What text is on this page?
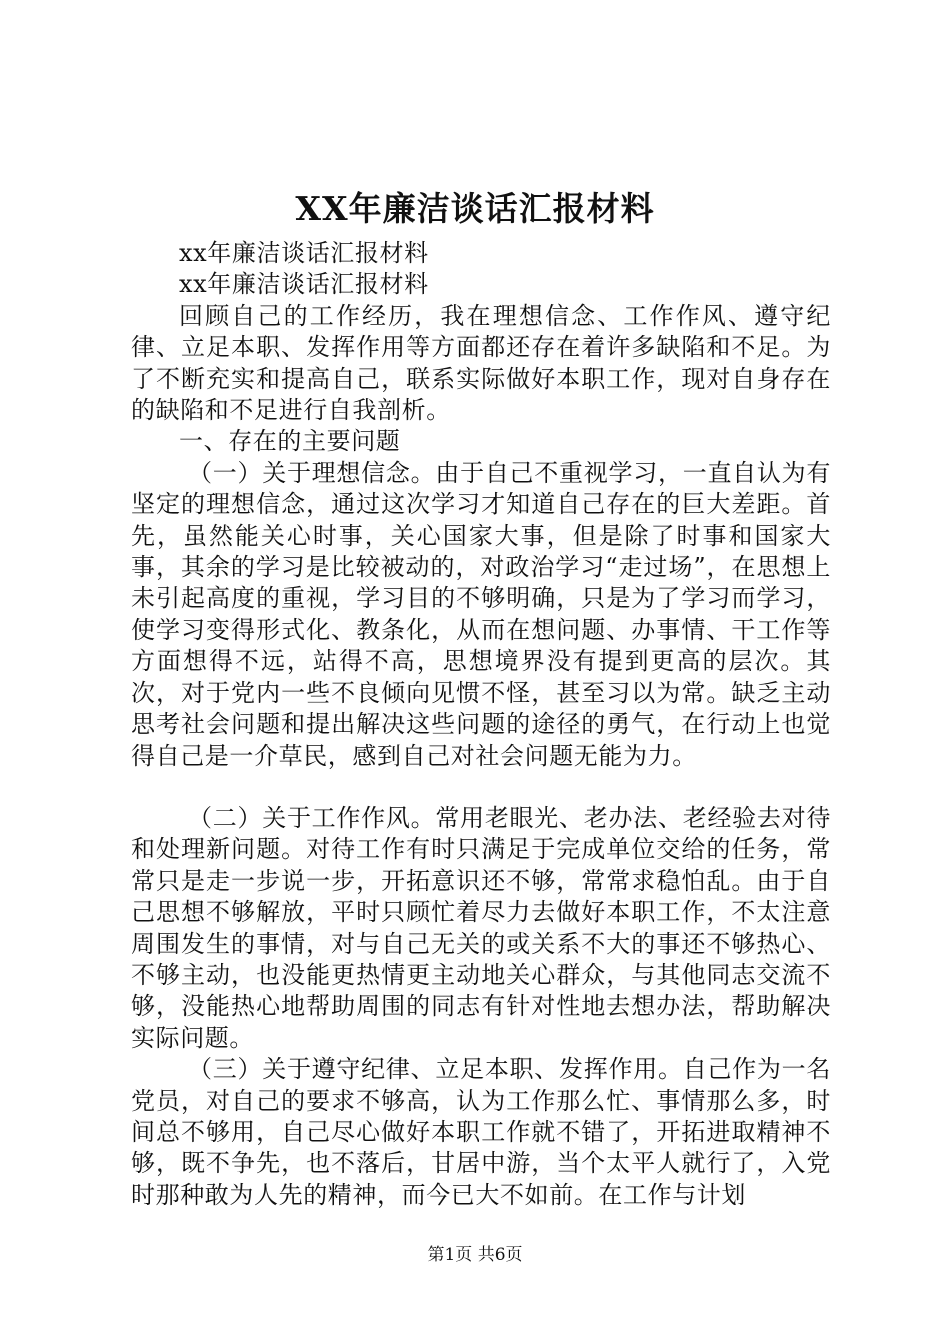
XX年廉洁谈话汇报材料

xx年廉洁谈话汇报材料

xx年廉洁谈话汇报材料

回顾自己的工作经历，我在理想信念、工作作风、遵守纪律、立足本职、发挥作用等方面都还存在着许多缺陷和不足。为了不断充实和提高自己，联系实际做好本职工作，现对自身存在的缺陷和不足进行自我剖析。

一、存在的主要问题

（一）关于理想信念。由于自己不重视学习，一直自认为有坚定的理想信念，通过这次学习才知道自己存在的巨大差距。首先，虽然能关心时事，关心国家大事，但是除了时事和国家大事，其余的学习是比较被动的，对政治学习“走过场”，在思想上未引起高度的重视，学习目的不够明确，只是为了学习而学习，使学习变得形式化、教条化，从而在想问题、办事情、干工作等方面想得不远，站得不高，思想境界没有提到更高的层次。其次，对于党内一些不良倾向见惯不怪，甚至习以为常。缺乏主动思考社会问题和提出解决这些问题的途径的勇气，在行动上也觉得自己是一介草民，感到自己对社会问题无能为力。

（二）关于工作作风。常用老眼光、老办法、老经验去对待和处理新问题。对待工作有时只满足于完成单位交给的任务，常常只是走一步说一步，开拓意识还不够，常常求稳怕乱。由于自己思想不够解放，平时只顾忙着尽力去做好本职工作，不太注意周围发生的事情，对与自己无关的或关系不大的事还不够热心、不够主动，也没能更热情更主动地关心群众，与其他同志交流不够，没能热心地帮助周围的同志有针对性地去想办法，帮助解决实际问题。

（三）关于遵守纪律、立足本职、发挥作用。自己作为一名党员，对自己的要求不够高，认为工作那么忙、事情那么多，时间总不够用，自己尽心做好本职工作就不错了，开拓进取精神不够，既不争先，也不落后，甘居中游，当个太平人就行了，入党时那种敢为人先的精神，而今已大不如前。在工作与计划

第1页 共6页
